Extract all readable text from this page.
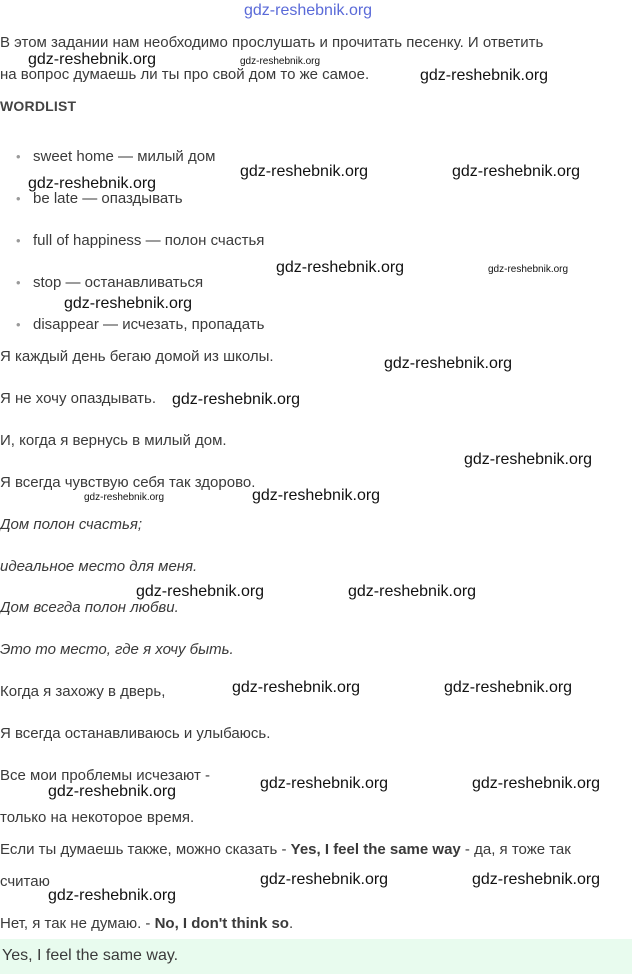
gdz-reshebnik.org
В этом задании нам необходимо прослушать и прочитать песенку. И ответить
на вопрос думаешь ли ты про свой дом то же самое.
WORDLIST
• sweet home — милый дом
• be late — опаздывать
• full of happiness — полон счастья
• stop — останавливаться
• disappear — исчезать, пропадать
Я каждый день бегаю домой из школы.
Я не хочу опаздывать.
И, когда я вернусь в милый дом.
Я всегда чувствую себя так здорово.
Дом полон счастья;
идеальное место для меня.
Дом всегда полон любви.
Это то место, где я хочу быть.
Когда я захожу в дверь,
Я всегда останавливаюсь и улыбаюсь.
Все мои проблемы исчезают -
только на некоторое время.
Если ты думаешь также, можно сказать - Yes, I feel the same way - да, я тоже так
считаю
Нет, я так не думаю. - No, I don't think so.
Yes, I feel the same way.
gdz-reshebnik.org	gdz-reshebnik.org
gdz-reshebnik.org
gdz-reshebnik.org
gdz-reshebnik.org	gdz-reshebnik.org
gdz-reshebnik.org	gdz-reshebnik.org
gdz-reshebnik.org
gdz-reshebnik.org
gdz-reshebnik.org
gdz-reshebnik.org
gdz-reshebnik.org	gdz-reshebnik.org
gdz-reshebnik.org	gdz-reshebnik.org
gdz-reshebnik.org	gdz-reshebnik.org
gdz-reshebnik.org	gdz-reshebnik.org
gdz-reshebnik.org
gdz-reshebnik.org	gdz-reshebnik.org
gdz-reshebnik.org
